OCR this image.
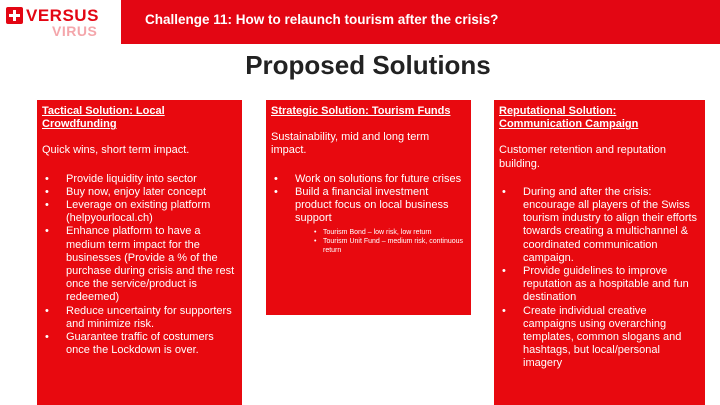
VERSUS
VIRUS
Challenge 11: How to relaunch tourism after the crisis?
Proposed Solutions

Tactical Solution: Local Crowdfunding

Quick wins, short term impact.

• Provide liquidity into sector
• Buy now, enjoy later concept
• Leverage on existing platform (helpyourlocal.ch)
• Enhance platform to have a medium term impact for the businesses (Provide a % of the purchase during crisis and the rest once the service/product is redeemed)
• Reduce uncertainty for supporters and minimize risk.
• Guarantee traffic of costumers once the Lockdown is over.

Strategic Solution: Tourism Funds

Sustainability, mid and long term impact.

• Work on solutions for future crises
• Build a financial investment product focus on local business support
• Tourism Bond – low risk, low return
• Tourism Unit Fund – medium risk, continuous return

Reputational Solution: Communication Campaign

Customer retention and reputation building.

• During and after the crisis: encourage all players of the Swiss tourism industry to align their efforts towards creating a multichannel & coordinated communication campaign.
• Provide guidelines to improve reputation as a hospitable and fun destination
• Create individual creative campaigns using overarching templates, common slogans and hashtags, but local/personal imagery
